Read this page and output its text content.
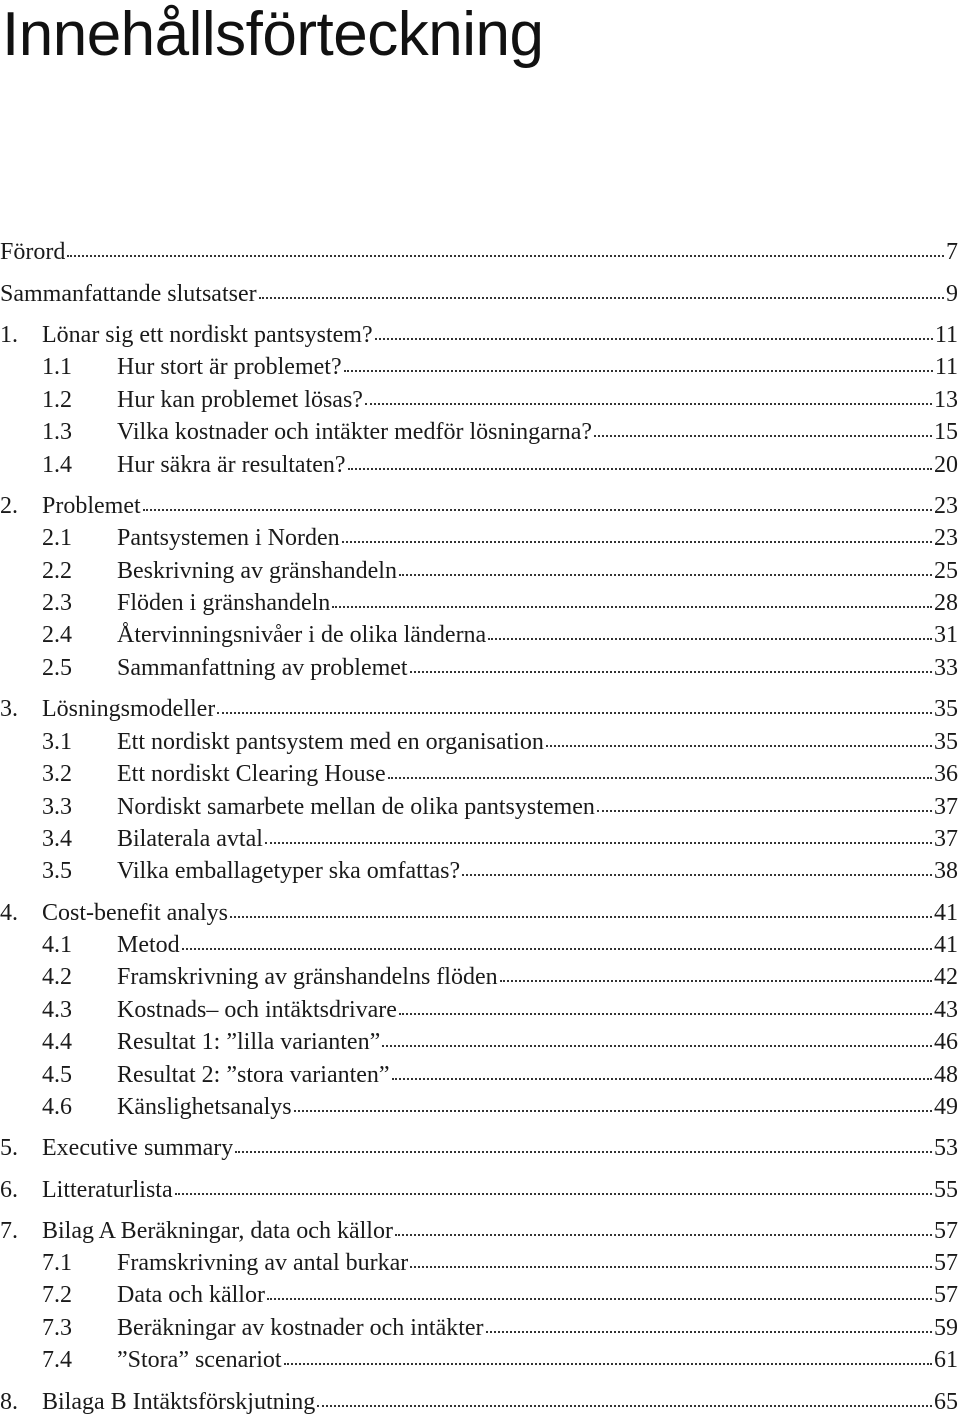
Innehållsförteckning
Förord	7
Sammanfattande slutsatser	9
1.	Lönar sig ett nordiskt pantsystem?	11
1.1	Hur stort är problemet?	11
1.2	Hur kan problemet lösas?	13
1.3	Vilka kostnader och intäkter medför lösningarna?	15
1.4	Hur säkra är resultaten?	20
2.	Problemet	23
2.1	Pantsystemen i Norden	23
2.2	Beskrivning av gränshandeln	25
2.3	Flöden i gränshandeln	28
2.4	Återvinningsnivåer i de olika länderna	31
2.5	Sammanfattning av problemet	33
3.	Lösningsmodeller	35
3.1	Ett nordiskt pantsystem med en organisation	35
3.2	Ett nordiskt Clearing House	36
3.3	Nordiskt samarbete mellan de olika pantsystemen	37
3.4	Bilaterala avtal	37
3.5	Vilka emballagetyper ska omfattas?	38
4.	Cost-benefit analys	41
4.1	Metod	41
4.2	Framskrivning av gränshandelns flöden	42
4.3	Kostnads– och intäktsdrivare	43
4.4	Resultat 1: ”lilla varianten”	46
4.5	Resultat 2: ”stora varianten”	48
4.6	Känslighetsanalys	49
5.	Executive summary	53
6.	Litteraturlista	55
7.	Bilag A Beräkningar, data och källor	57
7.1	Framskrivning av antal burkar	57
7.2	Data och källor	57
7.3	Beräkningar av kostnader och intäkter	59
7.4	”Stora” scenariot	61
8.	Bilaga B Intäktsförskjutning	65
